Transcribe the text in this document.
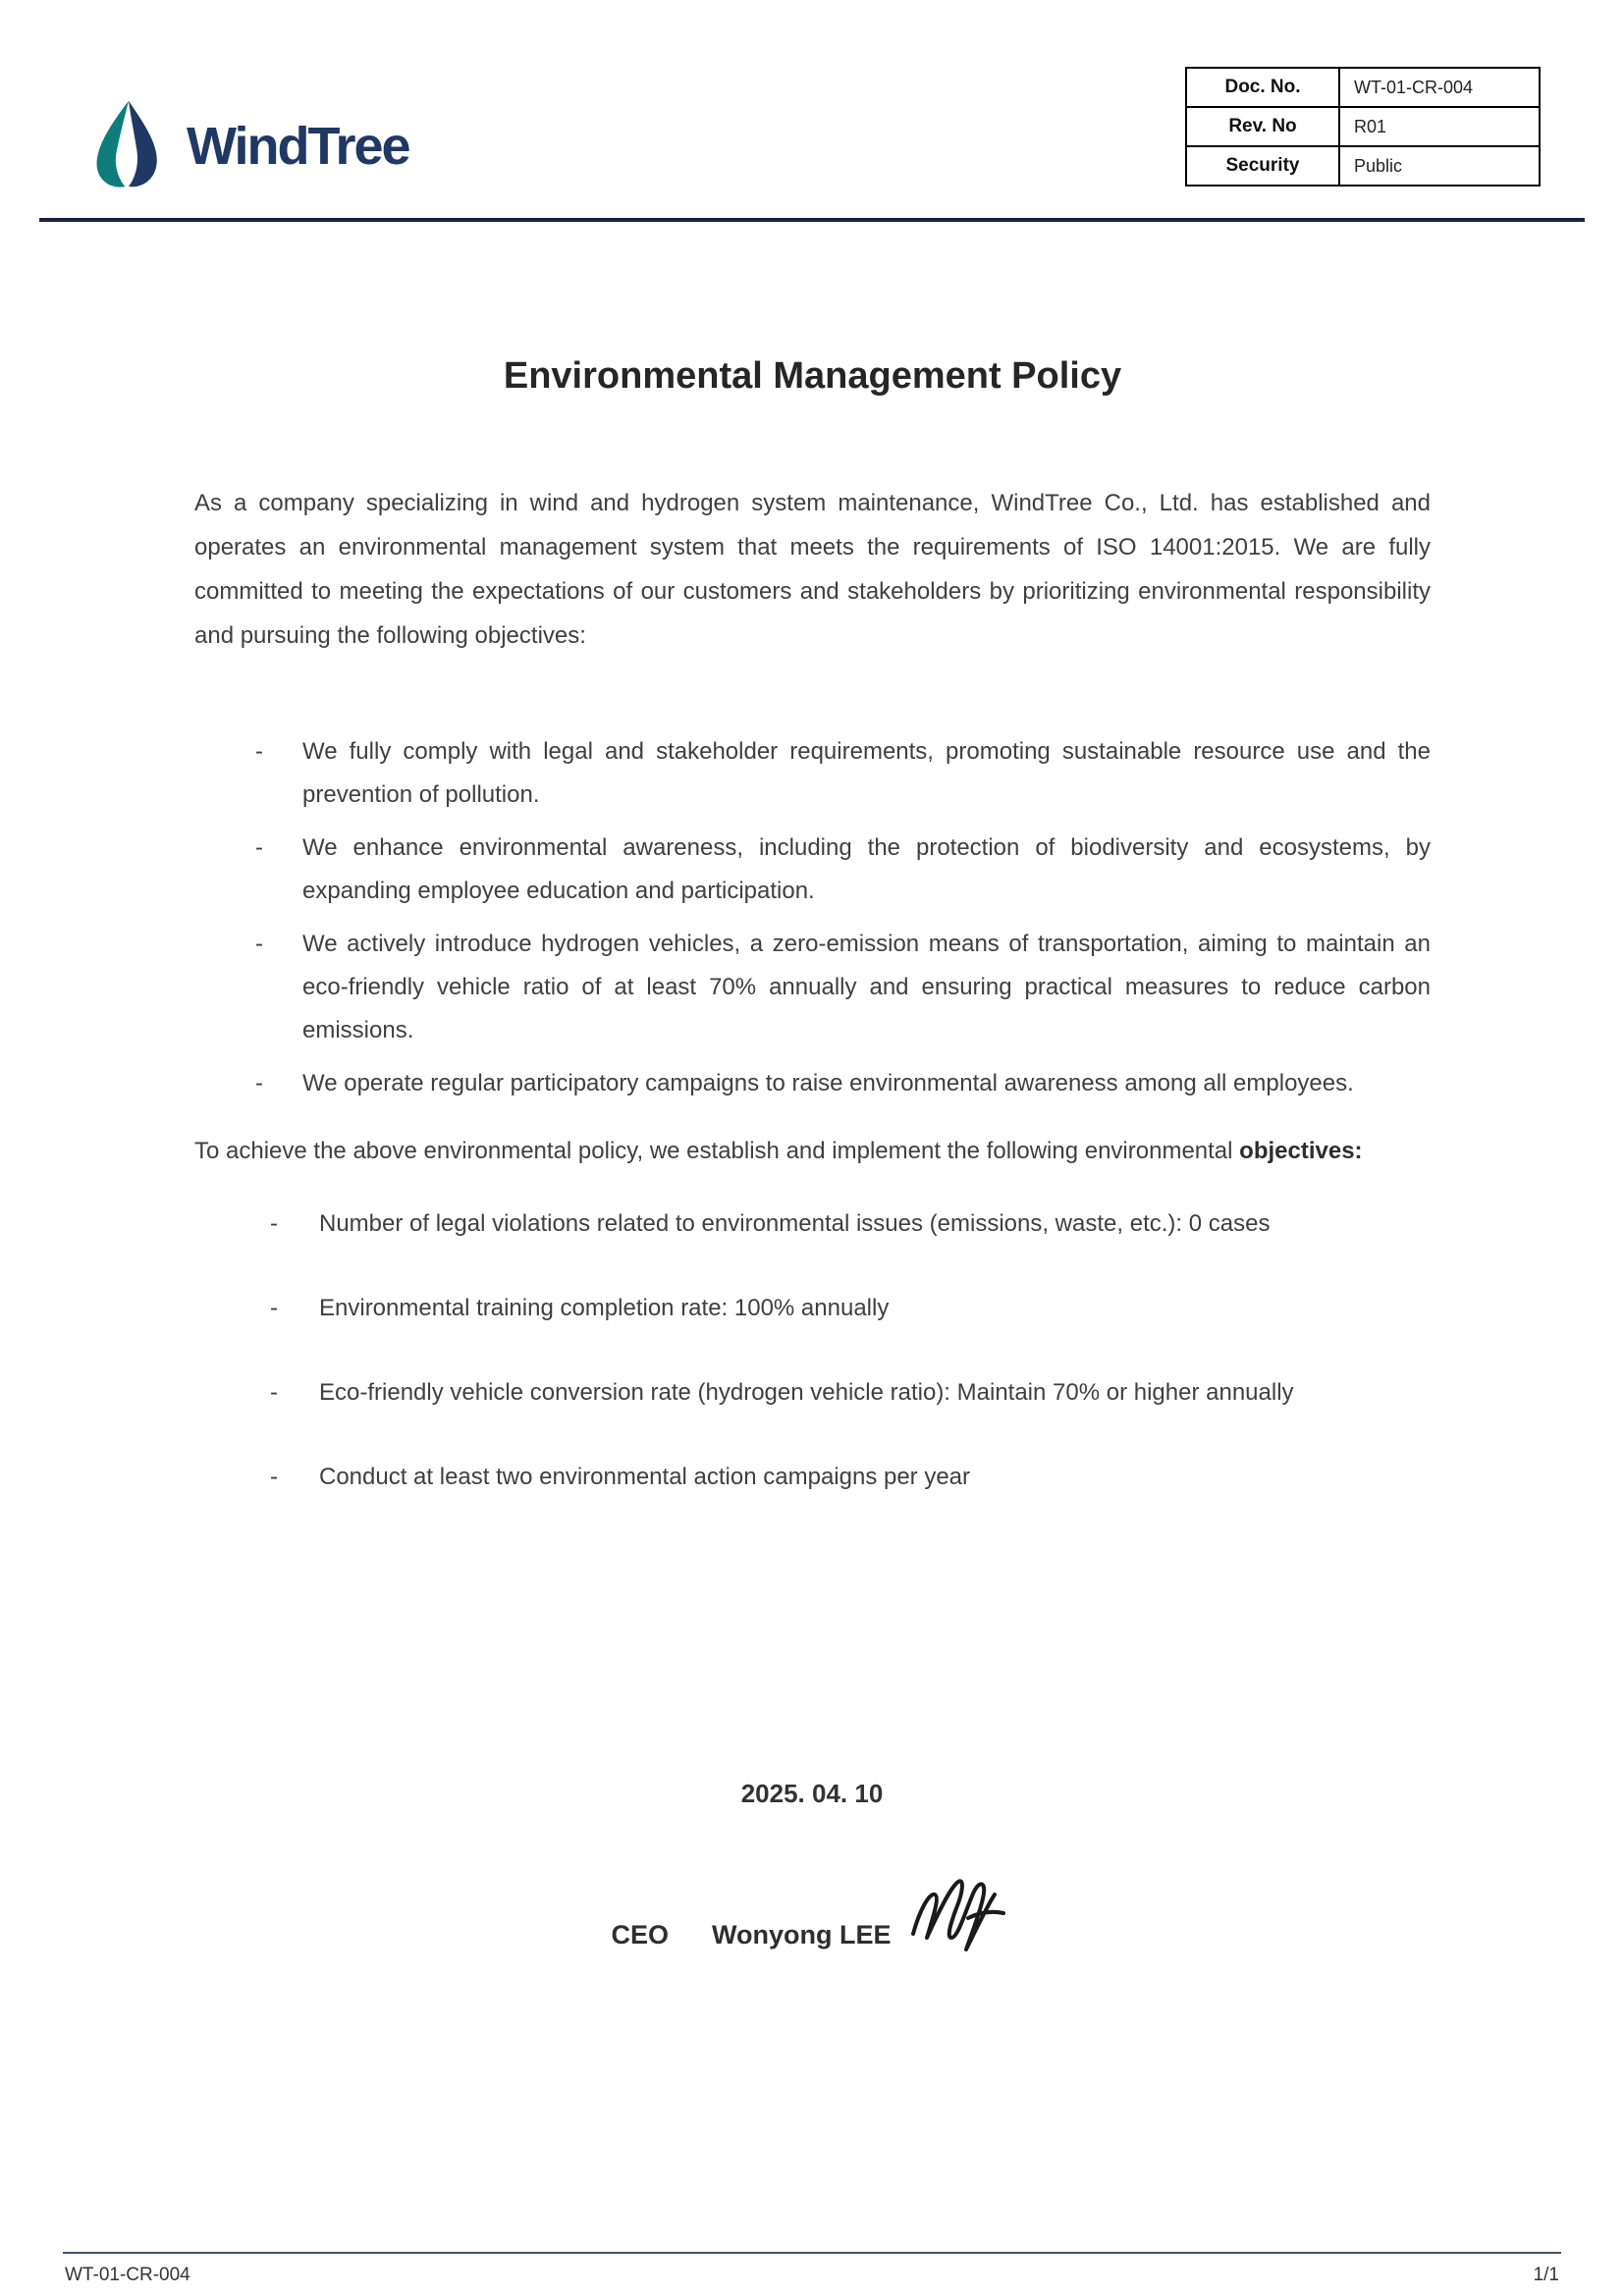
WindTree
Doc. No.	WT-01-CR-004
Rev. No	R01
Security	Public
Environmental Management Policy

As a company specializing in wind and hydrogen system maintenance, WindTree Co., Ltd. has established and operates an environmental management system that meets the requirements of ISO 14001:2015. We are fully committed to meeting the expectations of our customers and stakeholders by prioritizing environmental responsibility and pursuing the following objectives:

-	We fully comply with legal and stakeholder requirements, promoting sustainable resource use and the prevention of pollution.
-	We enhance environmental awareness, including the protection of biodiversity and ecosystems, by expanding employee education and participation.
-	We actively introduce hydrogen vehicles, a zero-emission means of transportation, aiming to maintain an eco-friendly vehicle ratio of at least 70% annually and ensuring practical measures to reduce carbon emissions.
-	We operate regular participatory campaigns to raise environmental awareness among all employees.

To achieve the above environmental policy, we establish and implement the following environmental objectives:

-	Number of legal violations related to environmental issues (emissions, waste, etc.): 0 cases
-	Environmental training completion rate: 100% annually
-	Eco-friendly vehicle conversion rate (hydrogen vehicle ratio): Maintain 70% or higher annually
-	Conduct at least two environmental action campaigns per year
2025. 04. 10
CEO Wonyong LEE
WT-01-CR-004	1/1
